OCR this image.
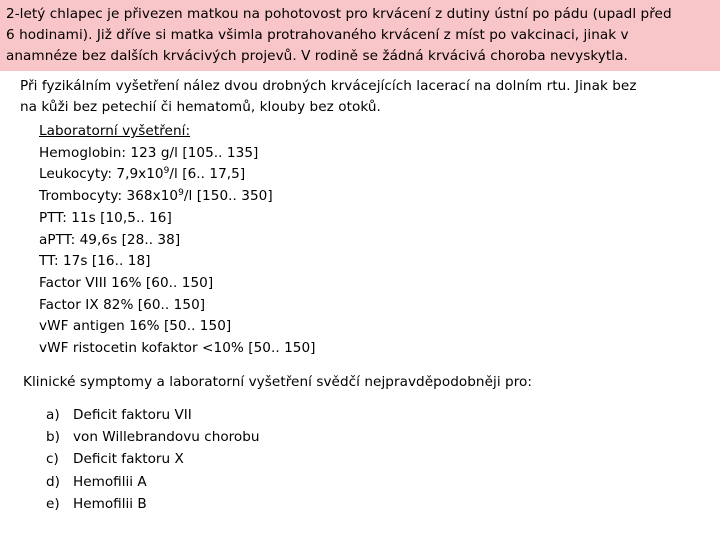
2-letý chlapec je přivezen matkou na pohotovost pro krvácení z dutiny ústní po pádu (upadl před
6 hodinami). Již dříve si matka všimla protrahovaného krvácení z míst po vakcinaci, jinak v
anamnéze bez dalších krvácivých projevů. V rodině se žádná krvácivá choroba nevyskytla.
Při fyzikálním vyšetření nález dvou drobných krvácejících lacerací na dolním rtu. Jinak bez
na kůži bez petechií či hematomů, klouby bez otoků.
Laboratorní vyšetření:
Hemoglobin: 123 g/l [105.. 135]
Leukocyty: $7,9x10^9/l$ [6.. 17,5]
Trombocyty: $368x10^9/l$ [150.. 350]
PTT: 11s [10,5.. 16]
aPTT: 49,6s [28.. 38]
TT: 17s [16.. 18]
Factor VIII 16% [60.. 150]
Factor IX 82% [60.. 150]
vWF antigen 16% [50.. 150]
vWF ristocetin kofaktor <10% [50.. 150]
Klinické symptomy a laboratorní vyšetření svědčí nejpravděpodobněji pro:
a) Deficit faktoru VII
b) von Willebrandovu chorobu
c)	Deficit faktoru X
d) Hemofilii A
e) Hemofilii B
